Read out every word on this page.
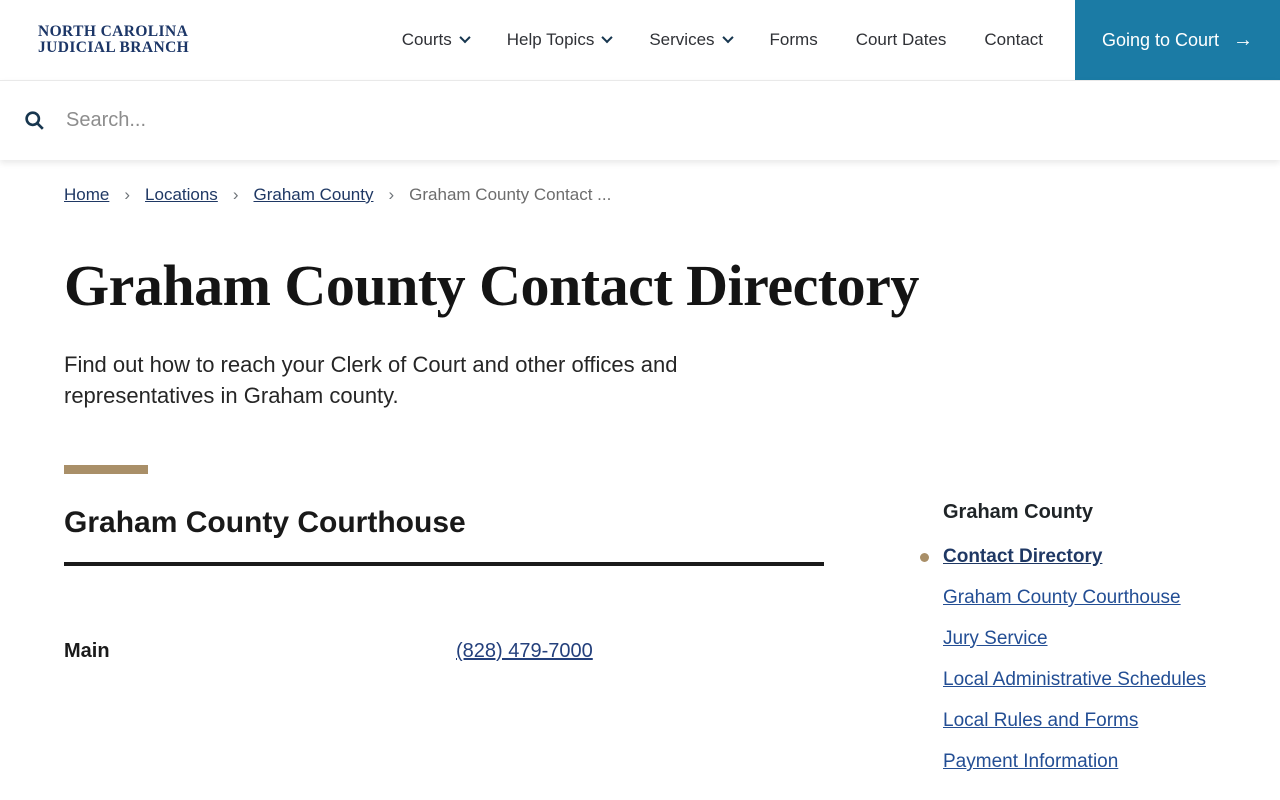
NORTH CAROLINA
JUDICIAL BRANCH	Courts	Help Topics	Services	Forms Court Dates Contact	Going to Court →
Search...
Home › Locations › Graham County › Graham County Contact ...
Graham County Contact Directory

Find out how to reach your Clerk of Court and other offices and representatives in Graham county.

Graham County Courthouse
Main	(828) 479-7000
Graham County
Contact Directory
Graham County Courthouse
Jury Service
Local Administrative Schedules
Local Rules and Forms
Payment Information
